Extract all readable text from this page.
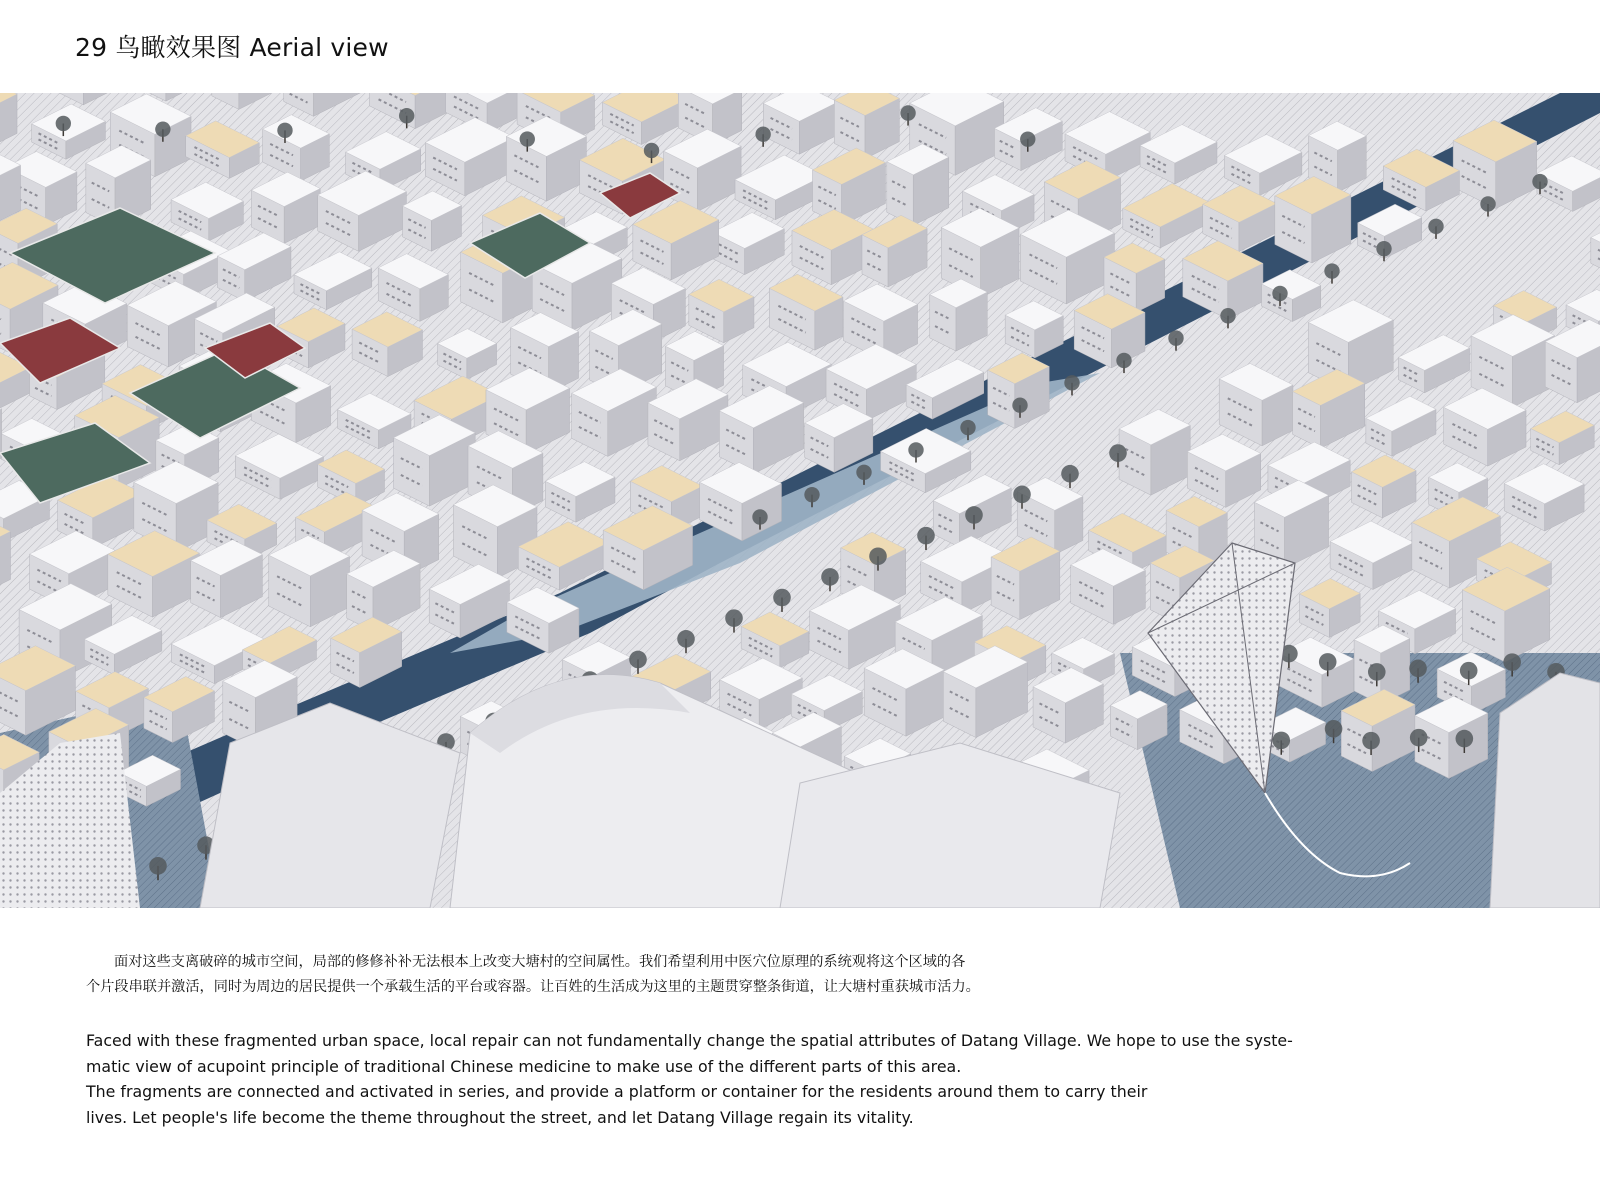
29 鸟瞰效果图 Aerial view

面对这些支离破碎的城市空间，局部的修修补补无法根本上改变大塘村的空间属性。我们希望利用中医穴位原理的系统观将这个区域的各

个片段串联并激活，同时为周边的居民提供一个承载生活的平台或容器。让百姓的生活成为这里的主题贯穿整条街道，让大塘村重获城市活力。

Faced with these fragmented urban space, local repair can not fundamentally change the spatial attributes of Datang Village. We hope to use the syste-

matic view of acupoint principle of traditional Chinese medicine to make use of the different parts of this area.

The fragments are connected and activated in series, and provide a platform or container for the residents around them to carry their

lives. Let people's life become the theme throughout the street, and let Datang Village regain its vitality.
